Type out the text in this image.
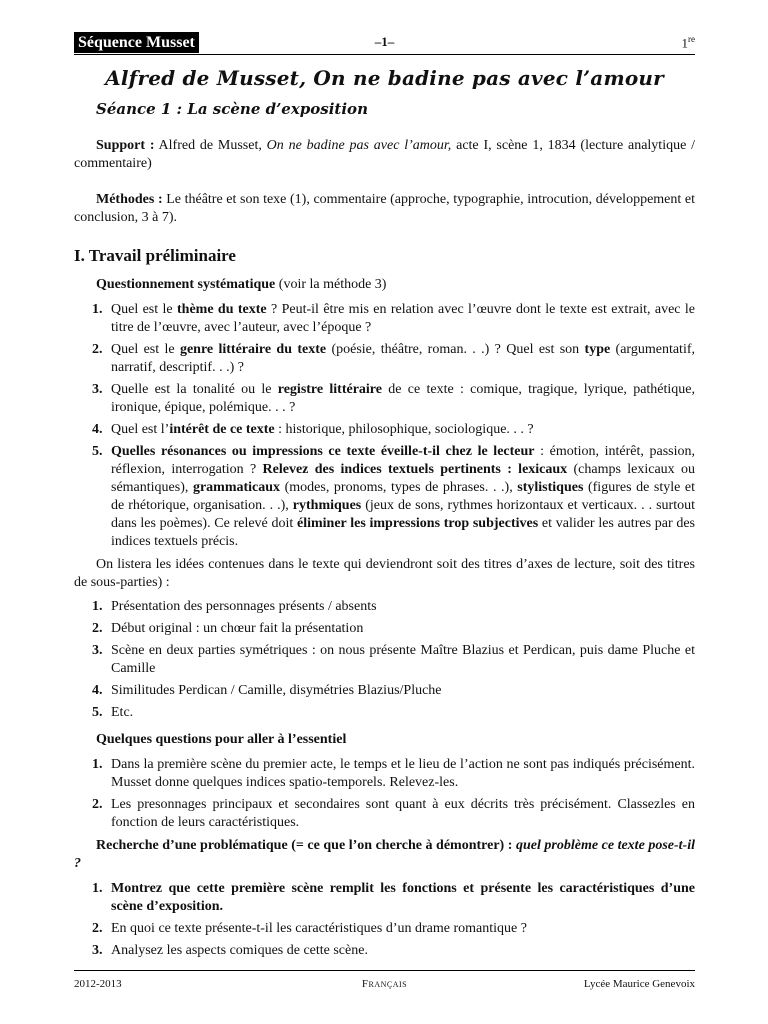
Séquence Musset	–1–	1re
Alfred de Musset, On ne badine pas avec l’amour
Séance 1 : La scène d’exposition

Support : Alfred de Musset, On ne badine pas avec l’amour, acte I, scène 1, 1834 (lecture analytique / commentaire)

Méthodes : Le théâtre et son texe (1), commentaire (approche, typographie, introcution, développement et conclusion, 3 à 7).

I. Travail préliminaire

Questionnement systématique (voir la méthode 3)

1. Quel est le thème du texte ? Peut-il être mis en relation avec l’œuvre dont le texte est extrait, avec le titre de l’œuvre, avec l’auteur, avec l’époque ?
2. Quel est le genre littéraire du texte (poésie, théâtre, roman. . .) ? Quel est son type (argumentatif, narratif, descriptif. . .) ?
3. Quelle est la tonalité ou le registre littéraire de ce texte : comique, tragique, lyrique, pathétique, ironique, épique, polémique. . . ?
4. Quel est l’intérêt de ce texte : historique, philosophique, sociologique. . . ?
5. Quelles résonances ou impressions ce texte éveille-t-il chez le lecteur : émotion, intérêt, passion, réflexion, interrogation ? Relevez des indices textuels pertinents : lexicaux (champs lexicaux ou sémantiques), grammaticaux (modes, pronoms, types de phrases. . .), stylistiques (figures de style et de rhétorique, organisation. . .), rythmiques (jeux de sons, rythmes horizontaux et verticaux. . . surtout dans les poèmes). Ce relevé doit éliminer les impressions trop subjectives et valider les autres par des indices textuels précis.

On listera les idées contenues dans le texte qui deviendront soit des titres d’axes de lecture, soit des titres de sous-parties) :

1. Présentation des personnages présents / absents
2. Début original : un chœur fait la présentation
3. Scène en deux parties symétriques : on nous présente Maître Blazius et Perdican, puis dame Pluche et Camille
4. Similitudes Perdican / Camille, disymétries Blazius/Pluche
5. Etc.

Quelques questions pour aller à l’essentiel

1. Dans la première scène du premier acte, le temps et le lieu de l’action ne sont pas indiqués précisément. Musset donne quelques indices spatio-temporels. Relevez-les.
2. Les presonnages principaux et secondaires sont quant à eux décrits très précisément. Classezles en fonction de leurs caractéristiques.

Recherche d’une problématique (= ce que l’on cherche à démontrer) : quel problème ce texte pose-t-il ?

1. Montrez que cette première scène remplit les fonctions et présente les caractéristiques d’une scène d’exposition.
2. En quoi ce texte présente-t-il les caractéristiques d’un drame romantique ?
3. Analysez les aspects comiques de cette scène.
2012-2013	Français	Lycée Maurice Genevoix
